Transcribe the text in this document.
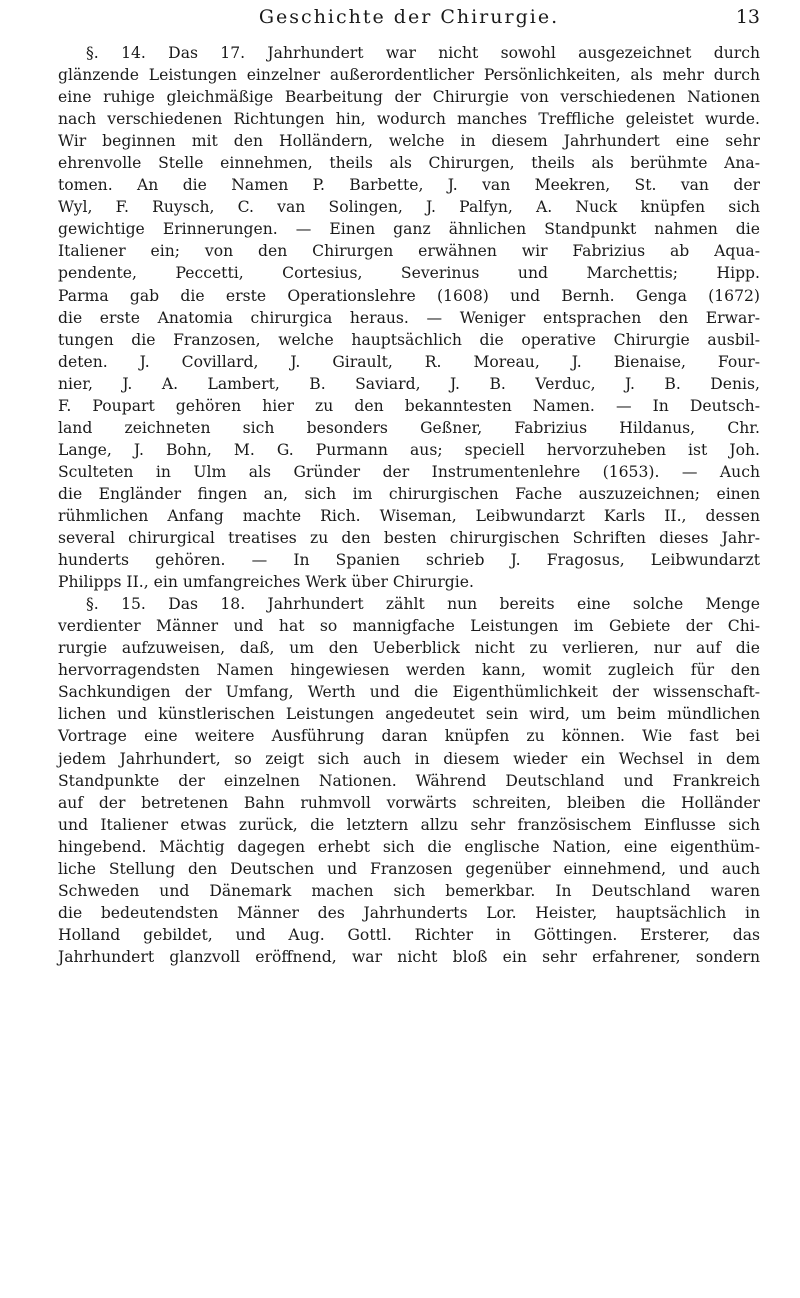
Geschichte der Chirurgie.	13
§. 14. Das 17. Jahrhundert war nicht sowohl ausgezeichnet durch
glänzende Leistungen einzelner außerordentlicher Persönlichkeiten, als mehr durch
eine ruhige gleichmäßige Bearbeitung der Chirurgie von verschiedenen Nationen
nach verschiedenen Richtungen hin, wodurch manches Treffliche geleistet wurde.
Wir beginnen mit den Holländern, welche in diesem Jahrhundert eine sehr
ehrenvolle Stelle einnehmen, theils als Chirurgen, theils als berühmte Ana-
tomen. An die Namen P. Barbette, J. van Meekren, St. van der
Wyl, F. Ruysch, C. van Solingen, J. Palfyn, A. Nuck knüpfen sich
gewichtige Erinnerungen. — Einen ganz ähnlichen Standpunkt nahmen die
Italiener ein; von den Chirurgen erwähnen wir Fabrizius ab Aqua-
pendente, Peccetti, Cortesius, Severinus und Marchettis; Hipp.
Parma gab die erste Operationslehre (1608) und Bernh. Genga (1672)
die erste Anatomia chirurgica heraus. — Weniger entsprachen den Erwar-
tungen die Franzosen, welche hauptsächlich die operative Chirurgie ausbil-
deten. J. Covillard, J. Girault, R. Moreau, J. Bienaise, Four-
nier, J. A. Lambert, B. Saviard, J. B. Verduc, J. B. Denis,
F. Poupart gehören hier zu den bekanntesten Namen. — In Deutsch-
land zeichneten sich besonders Geßner, Fabrizius Hildanus, Chr.
Lange, J. Bohn, M. G. Purmann aus; speciell hervorzuheben ist Joh.
Sculteten in Ulm als Gründer der Instrumentenlehre (1653). — Auch
die Engländer fingen an, sich im chirurgischen Fache auszuzeichnen; einen
rühmlichen Anfang machte Rich. Wiseman, Leibwundarzt Karls II., dessen
several chirurgical treatises zu den besten chirurgischen Schriften dieses Jahr-
hunderts gehören. — In Spanien schrieb J. Fragosus, Leibwundarzt
Philipps II., ein umfangreiches Werk über Chirurgie.
§. 15. Das 18. Jahrhundert zählt nun bereits eine solche Menge
verdienter Männer und hat so mannigfache Leistungen im Gebiete der Chi-
rurgie aufzuweisen, daß, um den Ueberblick nicht zu verlieren, nur auf die
hervorragendsten Namen hingewiesen werden kann, womit zugleich für den
Sachkundigen der Umfang, Werth und die Eigenthümlichkeit der wissenschaft-
lichen und künstlerischen Leistungen angedeutet sein wird, um beim mündlichen
Vortrage eine weitere Ausführung daran knüpfen zu können. Wie fast bei
jedem Jahrhundert, so zeigt sich auch in diesem wieder ein Wechsel in dem
Standpunkte der einzelnen Nationen. Während Deutschland und Frankreich
auf der betretenen Bahn ruhmvoll vorwärts schreiten, bleiben die Holländer
und Italiener etwas zurück, die letztern allzu sehr französischem Einflusse sich
hingebend. Mächtig dagegen erhebt sich die englische Nation, eine eigenthüm-
liche Stellung den Deutschen und Franzosen gegenüber einnehmend, und auch
Schweden und Dänemark machen sich bemerkbar. In Deutschland waren
die bedeutendsten Männer des Jahrhunderts Lor. Heister, hauptsächlich in
Holland gebildet, und Aug. Gottl. Richter in Göttingen. Ersterer, das
Jahrhundert glanzvoll eröffnend, war nicht bloß ein sehr erfahrener, sondern
